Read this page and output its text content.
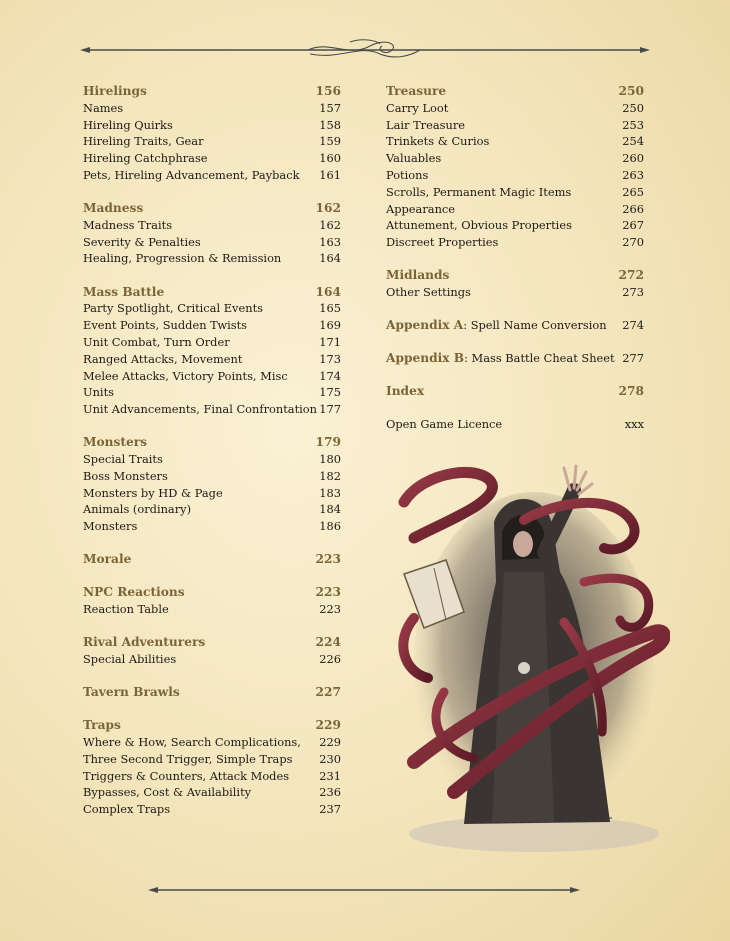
Hirelings	156
Names	157
Hireling Quirks	158
Hireling Traits, Gear	159
Hireling Catchphrase	160
Pets, Hireling Advancement, Payback 161
Madness	162
Madness Traits	162
Severity & Penalties	163
Healing, Progression & Remission	164
Mass Battle	164
Party Spotlight, Critical Events	165
Event Points, Sudden Twists	169
Unit Combat, Turn Order	171
Ranged Attacks, Movement	173
Melee Attacks, Victory Points, Misc	174
Units	175
Unit Advancements, Final Confrontation 177
Monsters	179
Special Traits	180
Boss Monsters	182
Monsters by HD & Page	183
Animals (ordinary)	184
Monsters	186
Morale	223
NPC Reactions	223
Reaction Table	223
Rival Adventurers	224
Special Abilities	226
Tavern Brawls	227
Traps	229
Where & How, Search Complications, 229
Three Second Trigger, Simple Traps 230
Triggers & Counters, Attack Modes	231
Bypasses, Cost & Availability	236
Complex Traps	237
Treasure	250
Carry Loot	250
Lair Treasure	253
Trinkets & Curios	254
Valuables	260
Potions	263
Scrolls, Permanent Magic Items	265
Appearance	266
Attunement, Obvious Properties	267
Discreet Properties	270
Midlands	272
Other Settings	273
Appendix A: Spell Name Conversion 274
Appendix B: Mass Battle Cheat Sheet 277
Index	278
Open Game Licence	xxx
